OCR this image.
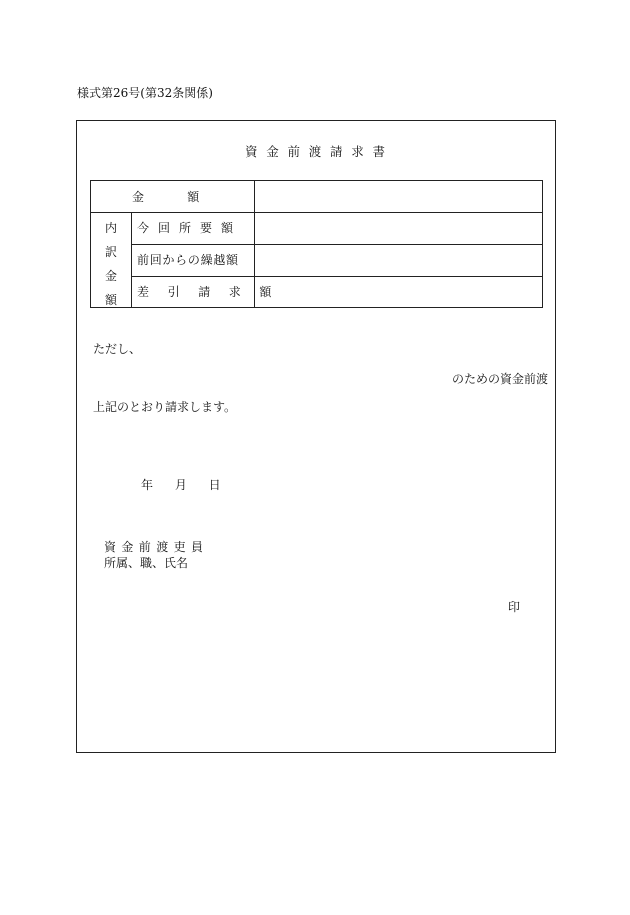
様式第26号(第32条関係)
資金前渡請求書
金額
内
訳
金
額
今回所要額
前回からの繰越額
差引請求額
ただし、
のための資金前渡
上記のとおり請求します。
年 月 日
資金前渡吏員
所属、職、氏名
印
